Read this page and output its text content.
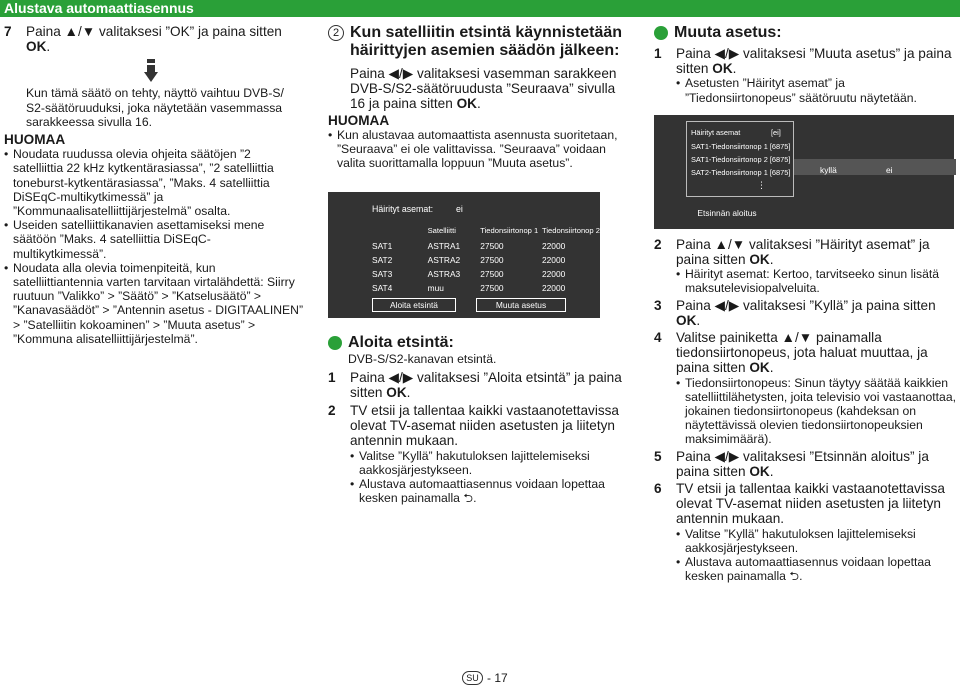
Alustava automaattiasennus
7	Paina ▲/▼ valitaksesi ”OK” ja paina sitten OK.
Kun tämä säätö on tehty, näyttö vaihtuu DVB-S/ S2-säätöruuduksi, joka näytetään vasemmassa sarakkeessa sivulla 16.
HUOMAA
• Noudata ruudussa olevia ohjeita säätöjen ”2 satelliittia 22 kHz kytkentärasiassa”, ”2 satelliittia toneburst-kytkentärasiassa”, ”Maks. 4 satelliittia DiSEqC-multikytkimessä” ja ”Kommunaalisatelliittijärjestelmä” osalta.
• Useiden satelliittikanavien asettamiseksi mene säätöön ”Maks. 4 satelliittia DiSEqC-multikytkimessä”.
• Noudata alla olevia toimenpiteitä, kun satelliittiantennia varten tarvitaan virtalähdettä: Siirry ruutuun ”Valikko” > ”Säätö” > ”Katselusäätö” > ”Kanavasäädöt” > ”Antennin asetus - DIGITAALINEN” > ”Satelliitin kokoaminen” > ”Muuta asetus” > ”Kommuna alisatelliittijärjestelmä”.
2 Kun satelliitin etsintä käynnistetään häirittyjen asemien säädön jälkeen:
Paina ◀/▶ valitaksesi vasemman sarakkeen DVB-S/S2-säätöruudusta ”Seuraava” sivulla 16 ja paina sitten OK.
HUOMAA
• Kun alustavaa automaattista asennusta suoritetaan, ”Seuraava” ei ole valittavissa. ”Seuraava” voidaan valita suorittamalla loppuun ”Muuta asetus”.
Häirityt asemat:	ei
	Satelliitti	Tiedonsiirtonop 1	Tiedonsiirtonop 2
SAT1	ASTRA1	27500	22000
SAT2	ASTRA2	27500	22000
SAT3	ASTRA3	27500	22000
SAT4	muu	27500	22000
Aloita etsintä	Muuta asetus
Aloita etsintä:
DVB-S/S2-kanavan etsintä.
1	Paina ◀/▶ valitaksesi ”Aloita etsintä” ja paina sitten OK.
2	TV etsii ja tallentaa kaikki vastaanotettavissa olevat TV-asemat niiden asetusten ja liitetyn antennin mukaan.
• Valitse ”Kyllä” hakutuloksen lajittelemiseksi aakkosjärjestykseen.
• Alustava automaattiasennus voidaan lopettaa kesken painamalla ⮌.
Muuta asetus:
1	Paina ◀/▶ valitaksesi ”Muuta asetus” ja paina sitten OK.
• Asetusten ”Häirityt asemat” ja ”Tiedonsiirtonopeus” säätöruutu näytetään.
Häirityt asemat	[ei]
SAT1-Tiedonsiirtonop 1 [6875]
SAT1-Tiedonsiirtonop 2 [6875]
SAT2-Tiedonsiirtonop 1 [6875]
⋮
kyllä	ei
Etsinnän aloitus
2	Paina ▲/▼ valitaksesi ”Häirityt asemat” ja paina sitten OK.
• Häirityt asemat: Kertoo, tarvitseeko sinun lisätä maksutelevisiopalveluita.
3	Paina ◀/▶ valitaksesi ”Kyllä” ja paina sitten OK.
4	Valitse painiketta ▲/▼ painamalla tiedonsiirtonopeus, jota haluat muuttaa, ja paina sitten OK.
• Tiedonsiirtonopeus: Sinun täytyy säätää kaikkien satelliittilähetysten, joita televisio voi vastaanottaa, jokainen tiedonsiirtonopeus (kahdeksan on näytettävissä olevien tiedonsiirtonopeuksien maksimimäärä).
5	Paina ◀/▶ valitaksesi ”Etsinnän aloitus” ja paina sitten OK.
6	TV etsii ja tallentaa kaikki vastaanotettavissa olevat TV-asemat niiden asetusten ja liitetyn antennin mukaan.
• Valitse ”Kyllä” hakutuloksen lajittelemiseksi aakkosjärjestykseen.
• Alustava automaattiasennus voidaan lopettaa kesken painamalla ⮌.
SU - 17
